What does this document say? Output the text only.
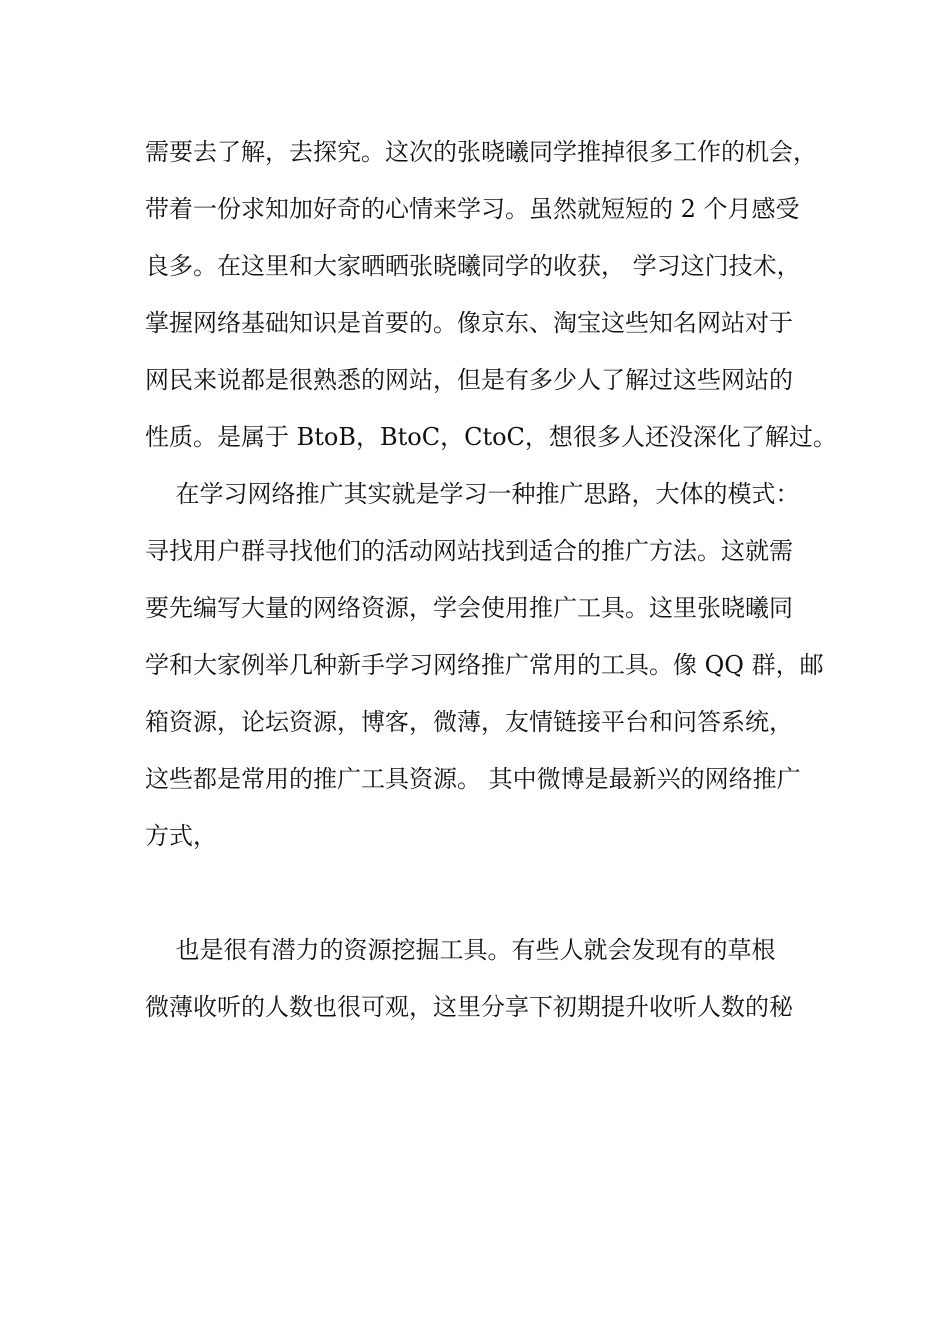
需要去了解，去探究。这次的张晓曦同学推掉很多工作的机会，
带着一份求知加好奇的心情来学习。虽然就短短的 2 个月感受
良多。在这里和大家晒晒张晓曦同学的收获， 学习这门技术，
掌握网络基础知识是首要的。像京东、淘宝这些知名网站对于
网民来说都是很熟悉的网站，但是有多少人了解过这些网站的
性质。是属于 BtoB，BtoC，CtoC，想很多人还没深化了解过。
在学习网络推广其实就是学习一种推广思路，大体的模式：
寻找用户群寻找他们的活动网站找到适合的推广方法。这就需
要先编写大量的网络资源，学会使用推广工具。这里张晓曦同
学和大家例举几种新手学习网络推广常用的工具。像 QQ 群，邮
箱资源，论坛资源，博客，微薄，友情链接平台和问答系统，
这些都是常用的推广工具资源。 其中微博是最新兴的网络推广
方式，
也是很有潜力的资源挖掘工具。有些人就会发现有的草根
微薄收听的人数也很可观，这里分享下初期提升收听人数的秘
